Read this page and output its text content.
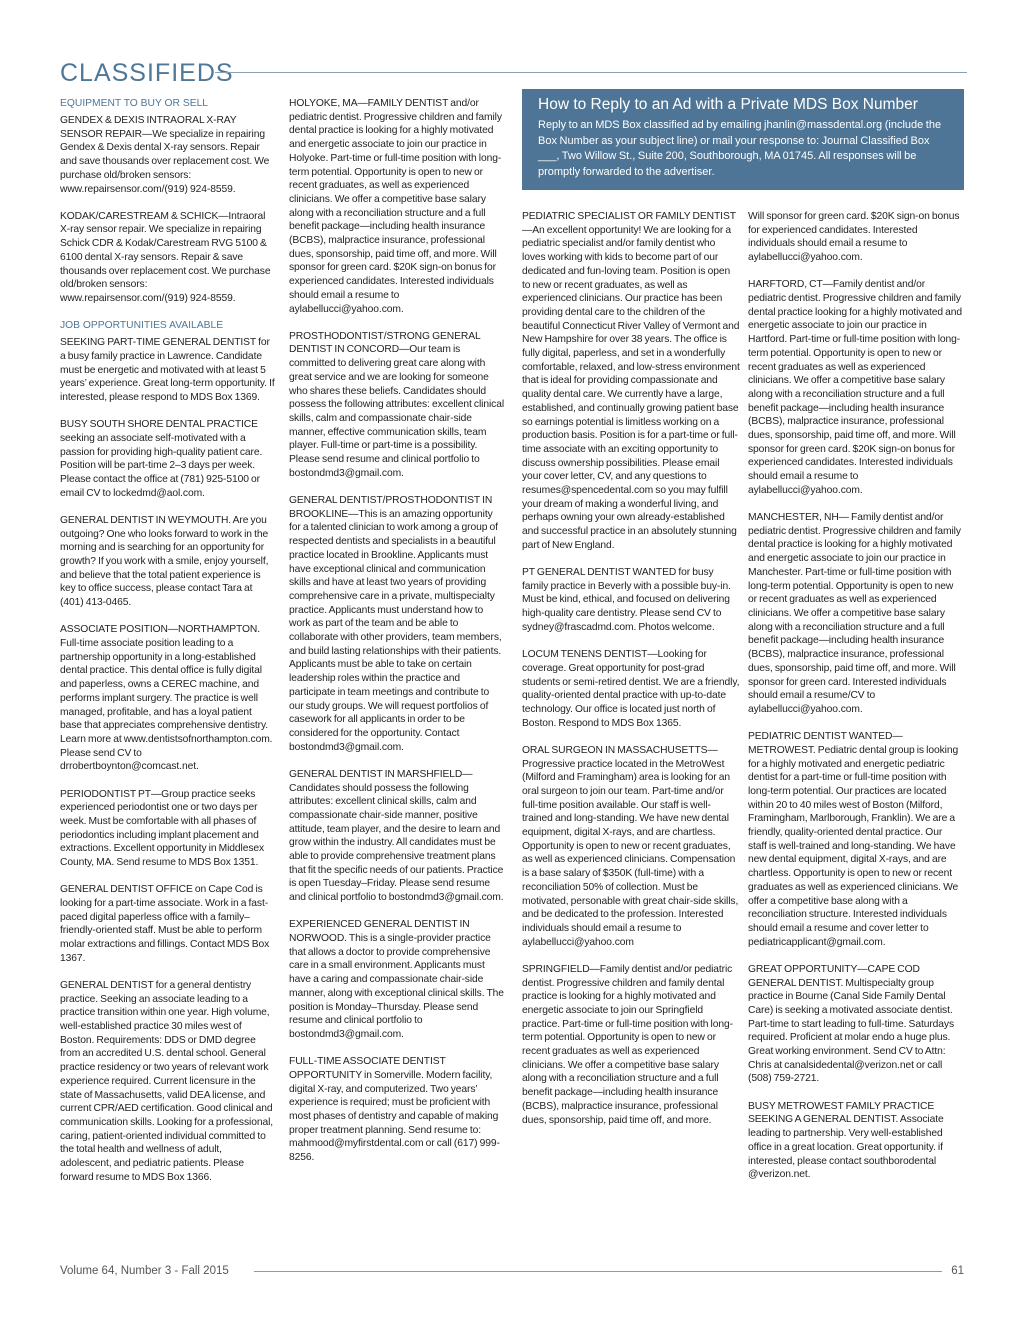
CLASSIFIEDS
EQUIPMENT TO BUY OR SELL

GENDEX & DEXIS INTRAORAL X-RAY SENSOR REPAIR—We specialize in repairing Gendex & Dexis dental X-ray sensors. Repair and save thousands over replacement cost. We purchase old/broken sensors: www.repairsensor.com/(919) 924-8559.

KODAK/CARESTREAM & SCHICK—Intraoral X-ray sensor repair. We specialize in repairing Schick CDR & Kodak/Carestream RVG 5100 & 6100 dental X-ray sensors. Repair & save thousands over replacement cost. We purchase old/broken sensors: www.repairsensor.com/(919) 924-8559.

JOB OPPORTUNITIES AVAILABLE

SEEKING PART-TIME GENERAL DENTIST for a busy family practice in Lawrence. Candidate must be energetic and motivated with at least 5 years’ experience. Great long-term opportunity. If interested, please respond to MDS Box 1369.

BUSY SOUTH SHORE DENTAL PRACTICE seeking an associate self-motivated with a passion for providing high-quality patient care. Position will be part-time 2–3 days per week. Please contact the office at (781) 925-5100 or email CV to lockedmd@aol.com.

GENERAL DENTIST IN WEYMOUTH. Are you outgoing? One who looks forward to work in the morning and is searching for an opportunity for growth? If you work with a smile, enjoy yourself, and believe that the total patient experience is key to office success, please contact Tara at (401) 413-0465.

ASSOCIATE POSITION—NORTHAMPTON. Full-time associate position leading to a partnership opportunity in a long-established dental practice. This dental office is fully digital and paperless, owns a CEREC machine, and performs implant surgery. The practice is well managed, profitable, and has a loyal patient base that appreciates comprehensive dentistry. Learn more at www.dentistsofnorthampton.com. Please send CV to drrobertboynton@comcast.net.

PERIODONTIST PT—Group practice seeks experienced periodontist one or two days per week. Must be comfortable with all phases of periodontics including implant placement and extractions. Excellent opportunity in Middlesex County, MA. Send resume to MDS Box 1351.

GENERAL DENTIST OFFICE on Cape Cod is looking for a part-time associate. Work in a fast-paced digital paperless office with a family–friendly-oriented staff. Must be able to perform molar extractions and fillings. Contact MDS Box 1367.

GENERAL DENTIST for a general dentistry practice. Seeking an associate leading to a practice transition within one year. High volume, well-established practice 30 miles west of Boston. Requirements: DDS or DMD degree from an accredited U.S. dental school. General practice residency or two years of relevant work experience required. Current licensure in the state of Massachusetts, valid DEA license, and current CPR/AED certification. Good clinical and communication skills. Looking for a professional, caring, patient-oriented individual committed to the total health and wellness of adult, adolescent, and pediatric patients. Please forward resume to MDS Box 1366.

HOLYOKE, MA—FAMILY DENTIST and/or pediatric dentist. Progressive children and family dental practice is looking for a highly motivated and energetic associate to join our practice in Holyoke. Part-time or full-time position with long-term potential. Opportunity is open to new or recent graduates, as well as experienced clinicians. We offer a competitive base salary along with a reconciliation structure and a full benefit package—including health insurance (BCBS), malpractice insurance, professional dues, sponsorship, paid time off, and more. Will sponsor for green card. $20K sign-on bonus for experienced candidates. Interested individuals should email a resume to aylabellucci@yahoo.com.

PROSTHODONTIST/STRONG GENERAL DENTIST IN CONCORD—Our team is committed to delivering great care along with great service and we are looking for someone who shares these beliefs. Candidates should possess the following attributes: excellent clinical skills, calm and compassionate chair-side manner, effective communication skills, team player. Full-time or part-time is a possibility. Please send resume and clinical portfolio to bostondmd3@gmail.com.

GENERAL DENTIST/PROSTHODONTIST IN BROOKLINE—This is an amazing opportunity for a talented clinician to work among a group of respected dentists and specialists in a beautiful practice located in Brookline. Applicants must have exceptional clinical and communication skills and have at least two years of providing comprehensive care in a private, multispecialty practice. Applicants must understand how to work as part of the team and be able to collaborate with other providers, team members, and build lasting relationships with their patients. Applicants must be able to take on certain leadership roles within the practice and participate in team meetings and contribute to our study groups. We will request portfolios of casework for all applicants in order to be considered for the opportunity. Contact bostondmd3@gmail.com.

GENERAL DENTIST IN MARSHFIELD—Candidates should possess the following attributes: excellent clinical skills, calm and compassionate chair-side manner, positive attitude, team player, and the desire to learn and grow within the industry. All candidates must be able to provide comprehensive treatment plans that fit the specific needs of our patients. Practice is open Tuesday–Friday. Please send resume and clinical portfolio to bostondmd3@gmail.com.

EXPERIENCED GENERAL DENTIST IN NORWOOD. This is a single-provider practice that allows a doctor to provide comprehensive care in a small environment. Applicants must have a caring and compassionate chair-side manner, along with exceptional clinical skills. The position is Monday–Thursday. Please send resume and clinical portfolio to bostondmd3@gmail.com.

FULL-TIME ASSOCIATE DENTIST OPPORTUNITY in Somerville. Modern facility, digital X-ray, and computerized. Two years’ experience is required; must be proficient with most phases of dentistry and capable of making proper treatment planning. Send resume to: mahmood@myfirstdental.com or call (617) 999-8256.

How to Reply to an Ad with a Private MDS Box Number

Reply to an MDS Box classified ad by emailing jhanlin@massdental.org (include the Box Number as your subject line) or mail your response to: Journal Classified Box ___, Two Willow St., Suite 200, Southborough, MA 01745. All responses will be promptly forwarded to the advertiser.

PEDIATRIC SPECIALIST OR FAMILY DENTIST—An excellent opportunity! We are looking for a pediatric specialist and/or family dentist who loves working with kids to become part of our dedicated and fun-loving team. Position is open to new or recent graduates, as well as experienced clinicians. Our practice has been providing dental care to the children of the beautiful Connecticut River Valley of Vermont and New Hampshire for over 38 years. The office is fully digital, paperless, and set in a wonderfully comfortable, relaxed, and low-stress environment that is ideal for providing compassionate and quality dental care. We currently have a large, established, and continually growing patient base so earnings potential is limitless working on a production basis. Position is for a part-time or full-time associate with an exciting opportunity to discuss ownership possibilities. Please email your cover letter, CV, and any questions to resumes@spencedental.com so you may fulfill your dream of making a wonderful living, and perhaps owning your own already-established and successful practice in an absolutely stunning part of New England.

PT GENERAL DENTIST WANTED for busy family practice in Beverly with a possible buy-in. Must be kind, ethical, and focused on delivering high-quality care dentistry. Please send CV to sydney@frascadmd.com. Photos welcome.

LOCUM TENENS DENTIST—Looking for coverage. Great opportunity for post-grad students or semi-retired dentist. We are a friendly, quality-oriented dental practice with up-to-date technology. Our office is located just north of Boston. Respond to MDS Box 1365.

ORAL SURGEON IN MASSACHUSETTS—Progressive practice located in the MetroWest (Milford and Framingham) area is looking for an oral surgeon to join our team. Part-time and/or full-time position available. Our staff is well-trained and long-standing. We have new dental equipment, digital X-rays, and are chartless. Opportunity is open to new or recent graduates, as well as experienced clinicians. Compensation is a base salary of $350K (full-time) with a reconciliation 50% of collection. Must be motivated, personable with great chair-side skills, and be dedicated to the profession. Interested individuals should email a resume to aylabellucci@yahoo.com

SPRINGFIELD—Family dentist and/or pediatric dentist. Progressive children and family dental practice is looking for a highly motivated and energetic associate to join our Springfield practice. Part-time or full-time position with long-term potential. Opportunity is open to new or recent graduates as well as experienced clinicians. We offer a competitive base salary along with a reconciliation structure and a full benefit package—including health insurance (BCBS), malpractice insurance, professional dues, sponsorship, paid time off, and more.

Will sponsor for green card. $20K sign-on bonus for experienced candidates. Interested individuals should email a resume to aylabellucci@yahoo.com.

HARFTORD, CT—Family dentist and/or pediatric dentist. Progressive children and family dental practice looking for a highly motivated and energetic associate to join our practice in Hartford. Part-time or full-time position with long-term potential. Opportunity is open to new or recent graduates as well as experienced clinicians. We offer a competitive base salary along with a reconciliation structure and a full benefit package—including health insurance (BCBS), malpractice insurance, professional dues, sponsorship, paid time off, and more. Will sponsor for green card. $20K sign-on bonus for experienced candidates. Interested individuals should email a resume to aylabellucci@yahoo.com.

MANCHESTER, NH— Family dentist and/or pediatric dentist. Progressive children and family dental practice is looking for a highly motivated and energetic associate to join our practice in Manchester. Part-time or full-time position with long-term potential. Opportunity is open to new or recent graduates as well as experienced clinicians. We offer a competitive base salary along with a reconciliation structure and a full benefit package—including health insurance (BCBS), malpractice insurance, professional dues, sponsorship, paid time off, and more. Will sponsor for green card. Interested individuals should email a resume/CV to aylabellucci@yahoo.com.

PEDIATRIC DENTIST WANTED—METROWEST. Pediatric dental group is looking for a highly motivated and energetic pediatric dentist for a part-time or full-time position with long-term potential. Our practices are located within 20 to 40 miles west of Boston (Milford, Framingham, Marlborough, Franklin). We are a friendly, quality-oriented dental practice. Our staff is well-trained and long-standing. We have new dental equipment, digital X-rays, and are chartless. Opportunity is open to new or recent graduates as well as experienced clinicians. We offer a competitive base along with a reconciliation structure. Interested individuals should email a resume and cover letter to pediatricapplicant@gmail.com.

GREAT OPPORTUNITY—CAPE COD GENERAL DENTIST. Multispecialty group practice in Bourne (Canal Side Family Dental Care) is seeking a motivated associate dentist. Part-time to start leading to full-time. Saturdays required. Proficient at molar endo a huge plus. Great working environment. Send CV to Attn: Chris at canalsidedental@verizon.net or call (508) 759-2721.

BUSY METROWEST FAMILY PRACTICE SEEKING A GENERAL DENTIST. Associate leading to partnership. Very well-established office in a great location. Great opportunity. if interested, please contact southborodental @verizon.net.

Volume 64, Number 3 - Fall 2015	61
